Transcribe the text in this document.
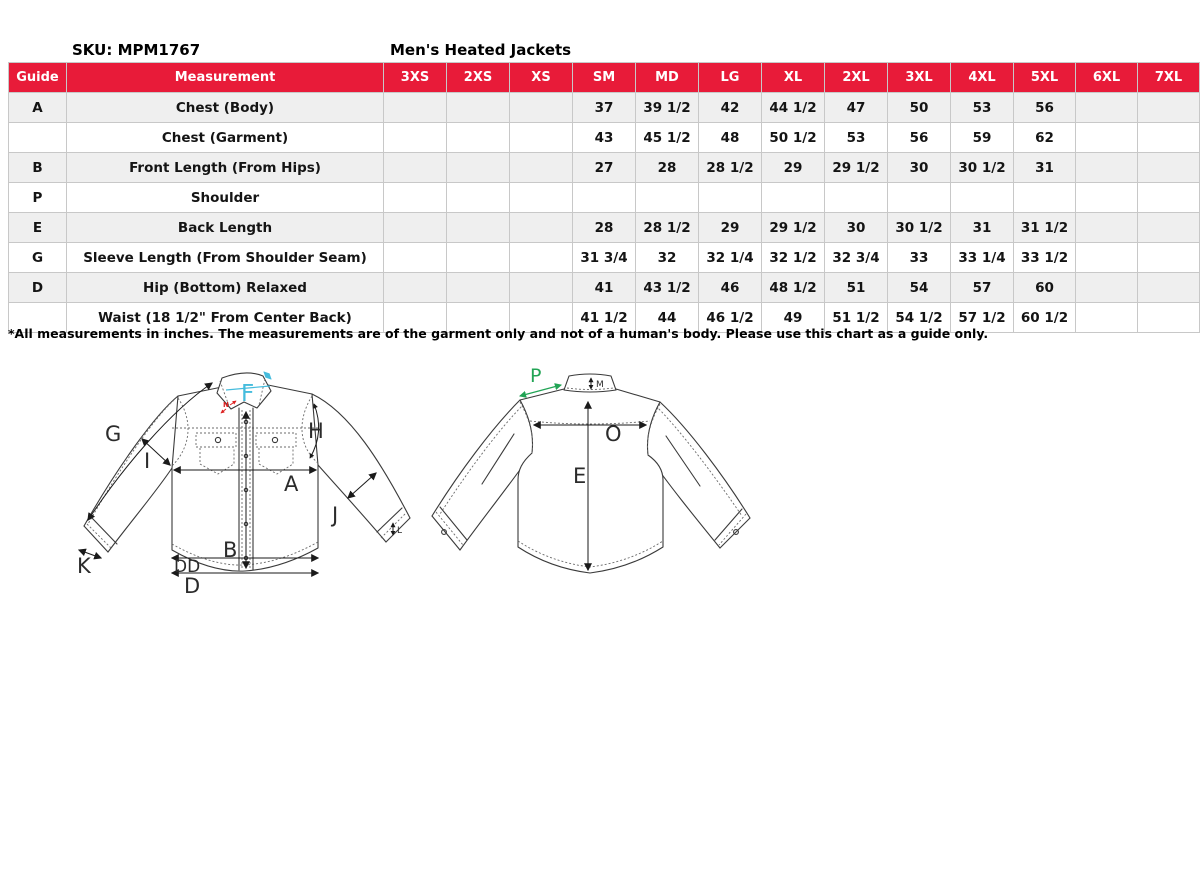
SKU: MPM1767	Men's Heated Jackets
Guide	Measurement	3XS	2XS	XS	SM	MD	LG	XL	2XL	3XL	4XL	5XL	6XL	7XL
A	Chest (Body)				37	39 1/2	42	44 1/2	47	50	53	56		
	Chest (Garment)				43	45 1/2	48	50 1/2	53	56	59	62		
B	Front Length (From Hips)				27	28	28 1/2	29	29 1/2	30	30 1/2	31		
P	Shoulder													
E	Back Length				28	28 1/2	29	29 1/2	30	30 1/2	31	31 1/2		
G	Sleeve Length (From Shoulder Seam)				31 3/4	32	32 1/4	32 1/2	32 3/4	33	33 1/4	33 1/2		
D	Hip (Bottom) Relaxed				41	43 1/2	46	48 1/2	51	54	57	60		
	Waist (18 1/2" From Center Back)				41 1/2	44	46 1/2	49	51 1/2	54 1/2	57 1/2	60 1/2		
*All measurements in inches. The measurements are of the garment only and not of a human's body. Please use this chart as a guide only.
G
I
F
N
H
A
J
B
K	DD
D
L
P	M
O
E
